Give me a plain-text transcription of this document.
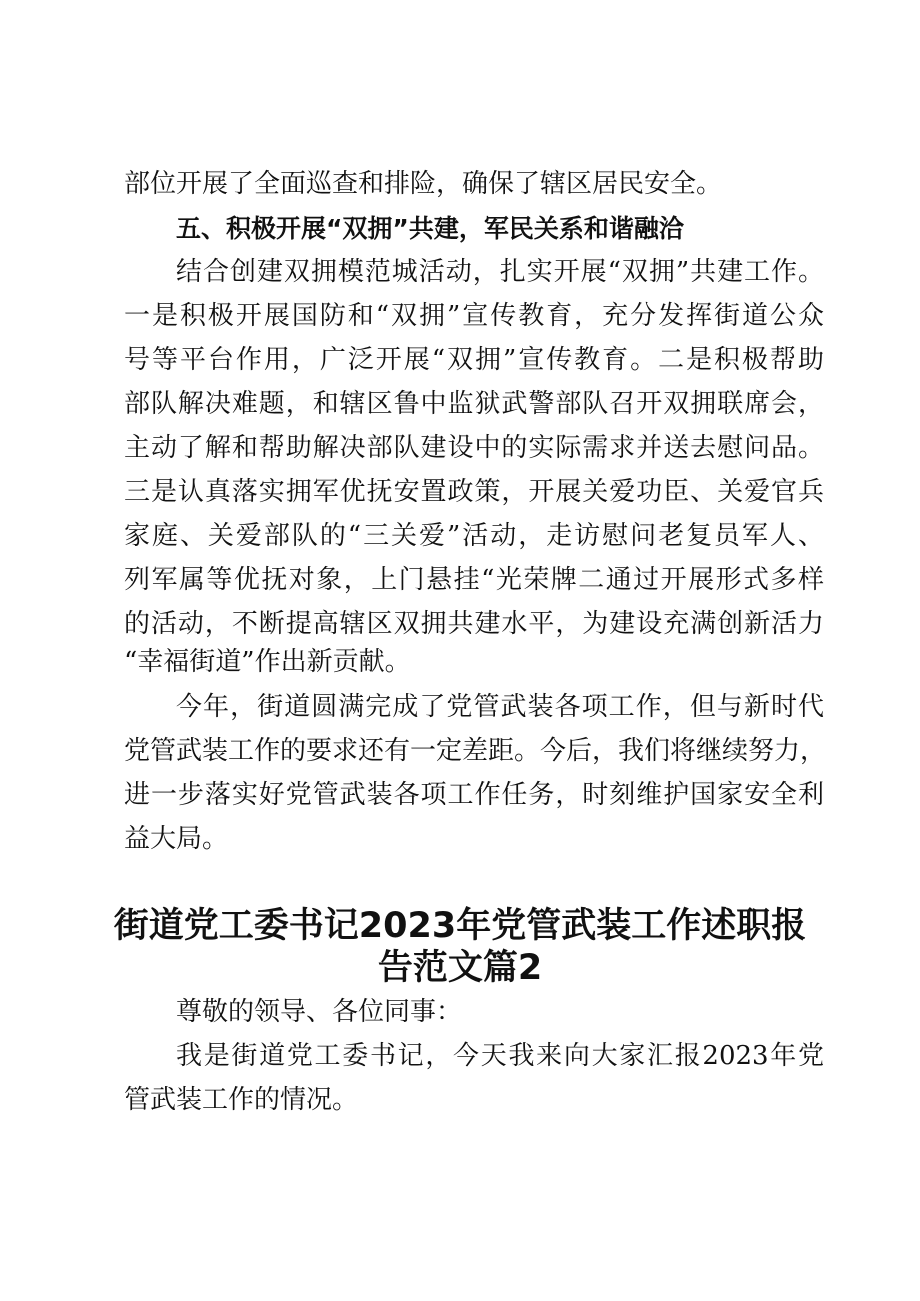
部位开展了全面巡查和排险，确保了辖区居民安全。
五、积极开展“双拥”共建，军民关系和谐融洽
结合创建双拥模范城活动，扎实开展“双拥”共建工作。
一是积极开展国防和“双拥”宣传教育，充分发挥街道公众
号等平台作用，广泛开展“双拥”宣传教育。二是积极帮助
部队解决难题，和辖区鲁中监狱武警部队召开双拥联席会，
主动了解和帮助解决部队建设中的实际需求并送去慰问品。
三是认真落实拥军优抚安置政策，开展关爱功臣、关爱官兵
家庭、关爱部队的“三关爱”活动，走访慰问老复员军人、
列军属等优抚对象，上门悬挂“光荣牌二通过开展形式多样
的活动，不断提高辖区双拥共建水平，为建设充满创新活力
“幸福街道”作出新贡献。
今年，街道圆满完成了党管武装各项工作，但与新时代
党管武装工作的要求还有一定差距。今后，我们将继续努力，
进一步落实好党管武装各项工作任务，时刻维护国家安全利
益大局。
街道党工委书记2023年党管武装工作述职报
告范文篇2
尊敬的领导、各位同事：
我是街道党工委书记，今天我来向大家汇报2023年党
管武装工作的情况。
